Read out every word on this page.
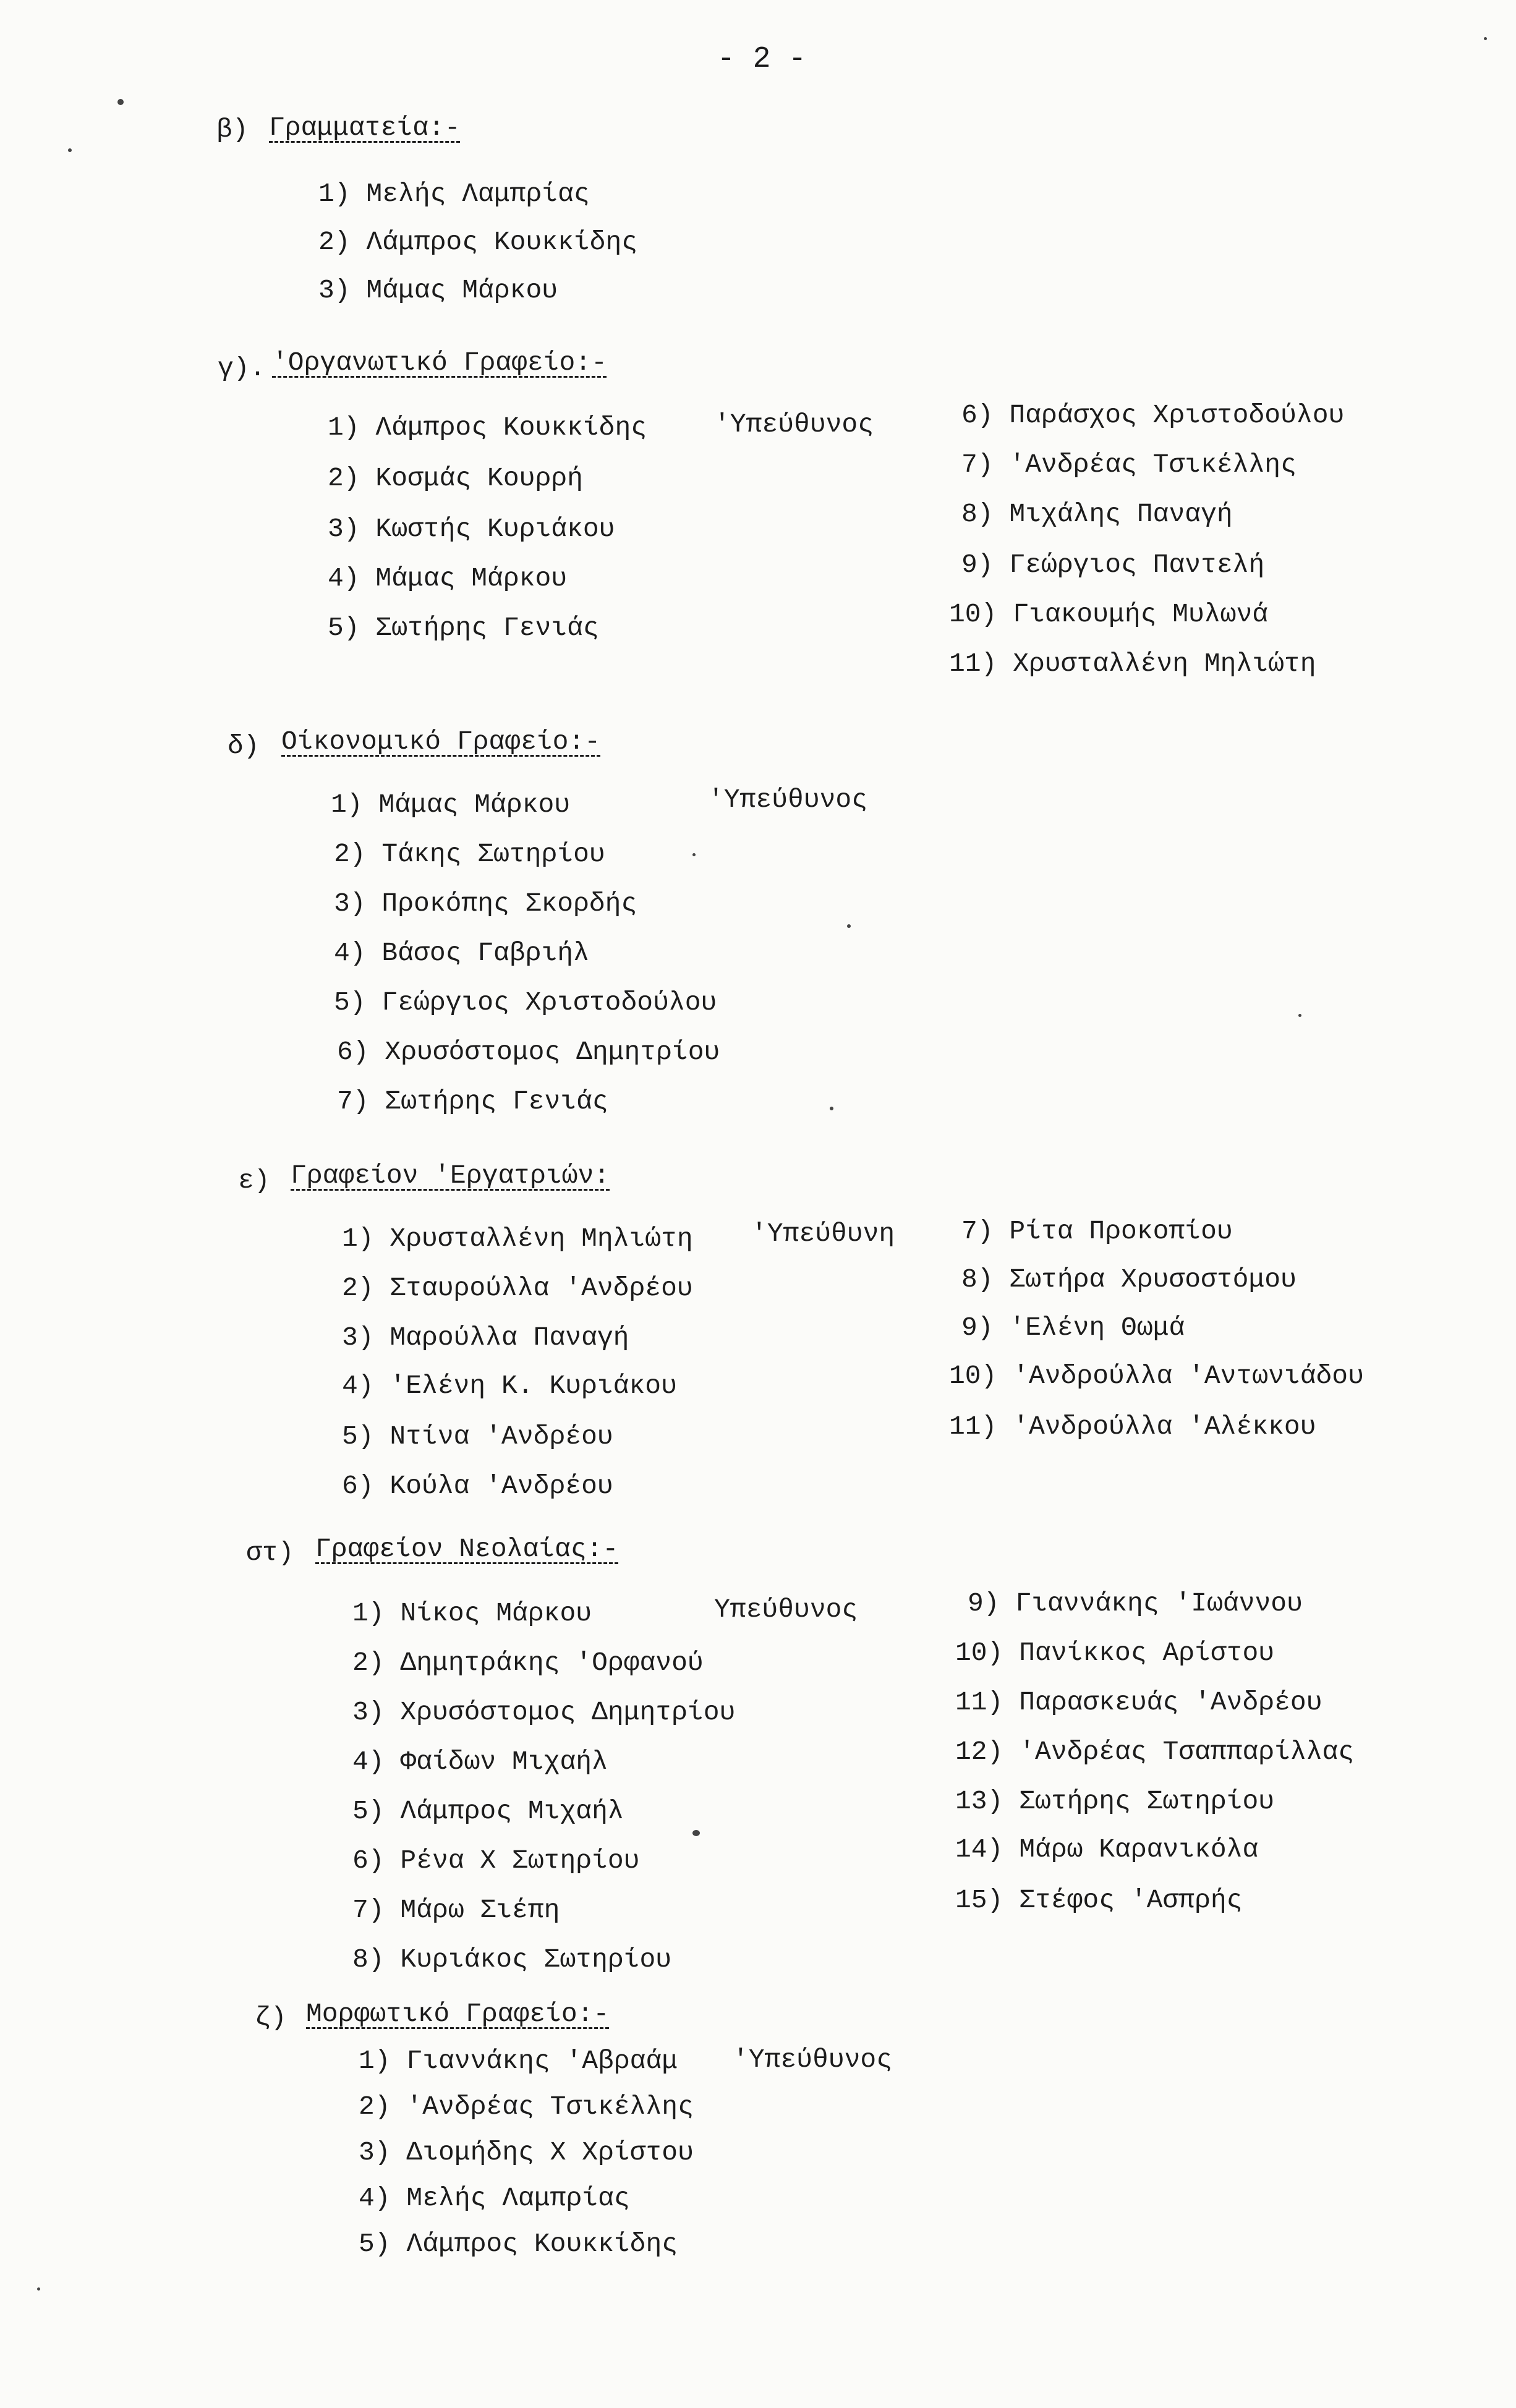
- 2 -
β) Γραμματεία:-
1) Μελής Λαμπρίας
2) Λάμπρος Κουκκίδης
3) Μάμας Μάρκου
γ). 'Οργανωτικό Γραφείο:-
1) Λάμπρος Κουκκίδης	'Υπεύθυνος
2) Κοσμάς Κουρρή
3) Κωστής Κυριάκου
4) Μάμας Μάρκου
5) Σωτήρης Γενιάς
6) Παράσχος Χριστοδούλου
7) 'Ανδρέας Τσικέλλης
8) Μιχάλης Παναγή
9) Γεώργιος Παντελή
10) Γιακουμής Μυλωνά
11) Χρυσταλλένη Μηλιώτη
δ) Οίκονομικό Γραφείο:-
1) Μάμας Μάρκου	'Υπεύθυνος
2) Τάκης Σωτηρίου
3) Προκόπης Σκορδής
4) Βάσος Γαβριήλ
5) Γεώργιος Χριστοδούλου
6) Χρυσόστομος Δημητρίου
7) Σωτήρης Γενιάς
ε) Γραφείον 'Εργατριών:
1) Χρυσταλλένη Μηλιώτη 'Υπεύθυνη
2) Σταυρούλλα 'Ανδρέου
3) Μαρούλλα Παναγή
4) 'Ελένη Κ. Κυριάκου
5) Ντίνα 'Ανδρέου
6) Κούλα 'Ανδρέου
7) Ρίτα Προκοπίου
8) Σωτήρα Χρυσοστόμου
9) 'Ελένη Θωμά
10) 'Ανδρούλλα 'Αντωνιάδου
11) 'Ανδρούλλα 'Αλέκκου
στ) Γραφείον Νεολαίας:-
1) Νίκος Μάρκου	Υπεύθυνος
2) Δημητράκης 'Ορφανού
3) Χρυσόστομος Δημητρίου
4) Φαίδων Μιχαήλ
5) Λάμπρος Μιχαήλ
6) Ρένα Χ Σωτηρίου
7) Μάρω Σιέπη
8) Κυριάκος Σωτηρίου
9) Γιαννάκης 'Ιωάννου
10) Πανίκκος Αρίστου
11) Παρασκευάς 'Ανδρέου
12) 'Ανδρέας Τσαππαρίλλας
13) Σωτήρης Σωτηρίου
14) Μάρω Καρανικόλα
15) Στέφος 'Ασπρής
ζ) Μορφωτικό Γραφείο:-
1) Γιαννάκης 'Αβραάμ 'Υπεύθυνος
2) 'Ανδρέας Τσικέλλης
3) Διομήδης Χ Χρίστου
4) Μελής Λαμπρίας
5) Λάμπρος Κουκκίδης
